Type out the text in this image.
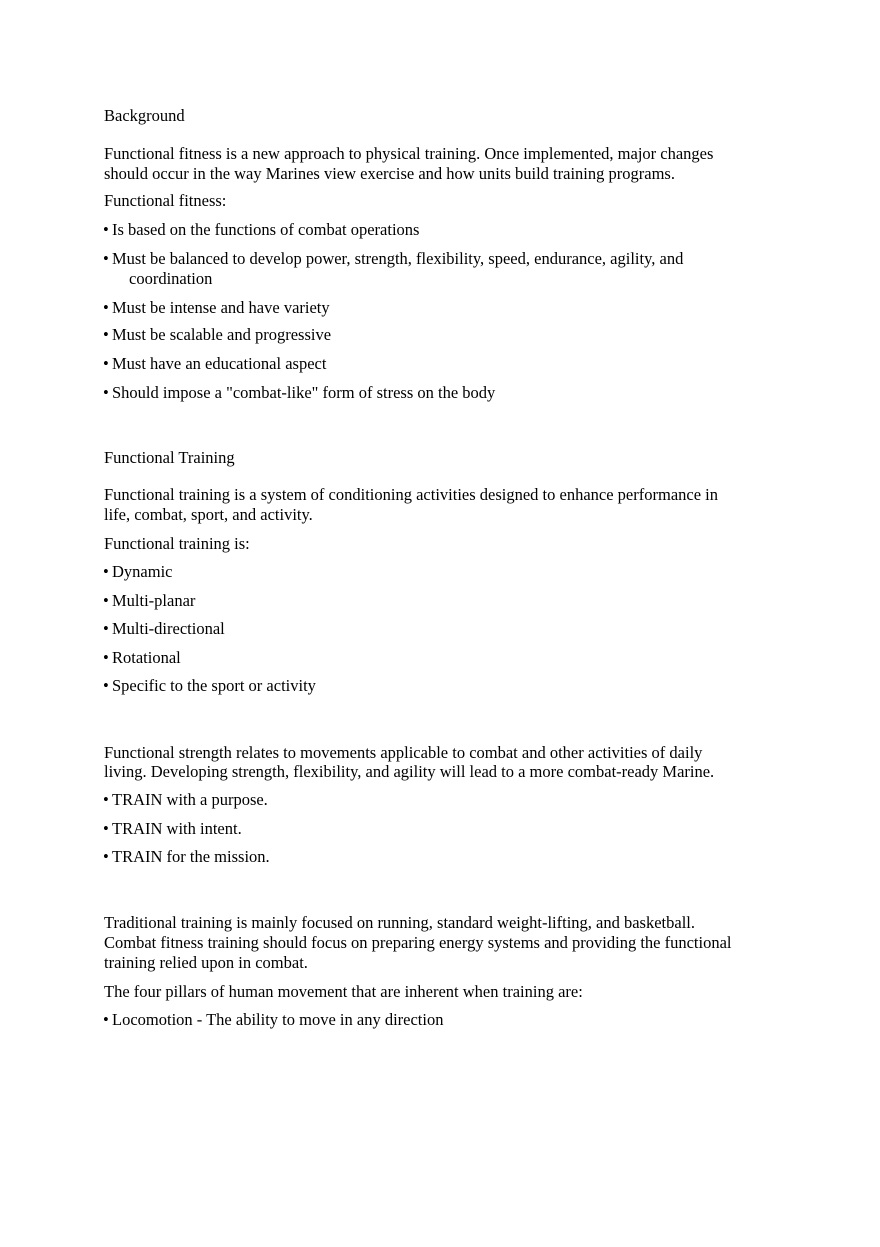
Background
Functional fitness is a new approach to physical training. Once implemented, major changes
should occur in the way Marines view exercise and how units build training programs.
Functional fitness:
• Is based on the functions of combat operations
• Must be balanced to develop power, strength, flexibility, speed, endurance, agility, and
coordination
• Must be intense and have variety
• Must be scalable and progressive
• Must have an educational aspect
• Should impose a "combat-like" form of stress on the body
Functional Training
Functional training is a system of conditioning activities designed to enhance performance in
life, combat, sport, and activity.
Functional training is:
• Dynamic
• Multi-planar
• Multi-directional
• Rotational
• Specific to the sport or activity
Functional strength relates to movements applicable to combat and other activities of daily
living. Developing strength, flexibility, and agility will lead to a more combat-ready Marine.
• TRAIN with a purpose.
• TRAIN with intent.
• TRAIN for the mission.
Traditional training is mainly focused on running, standard weight-lifting, and basketball.
Combat fitness training should focus on preparing energy systems and providing the functional
training relied upon in combat.
The four pillars of human movement that are inherent when training are:
• Locomotion - The ability to move in any direction
